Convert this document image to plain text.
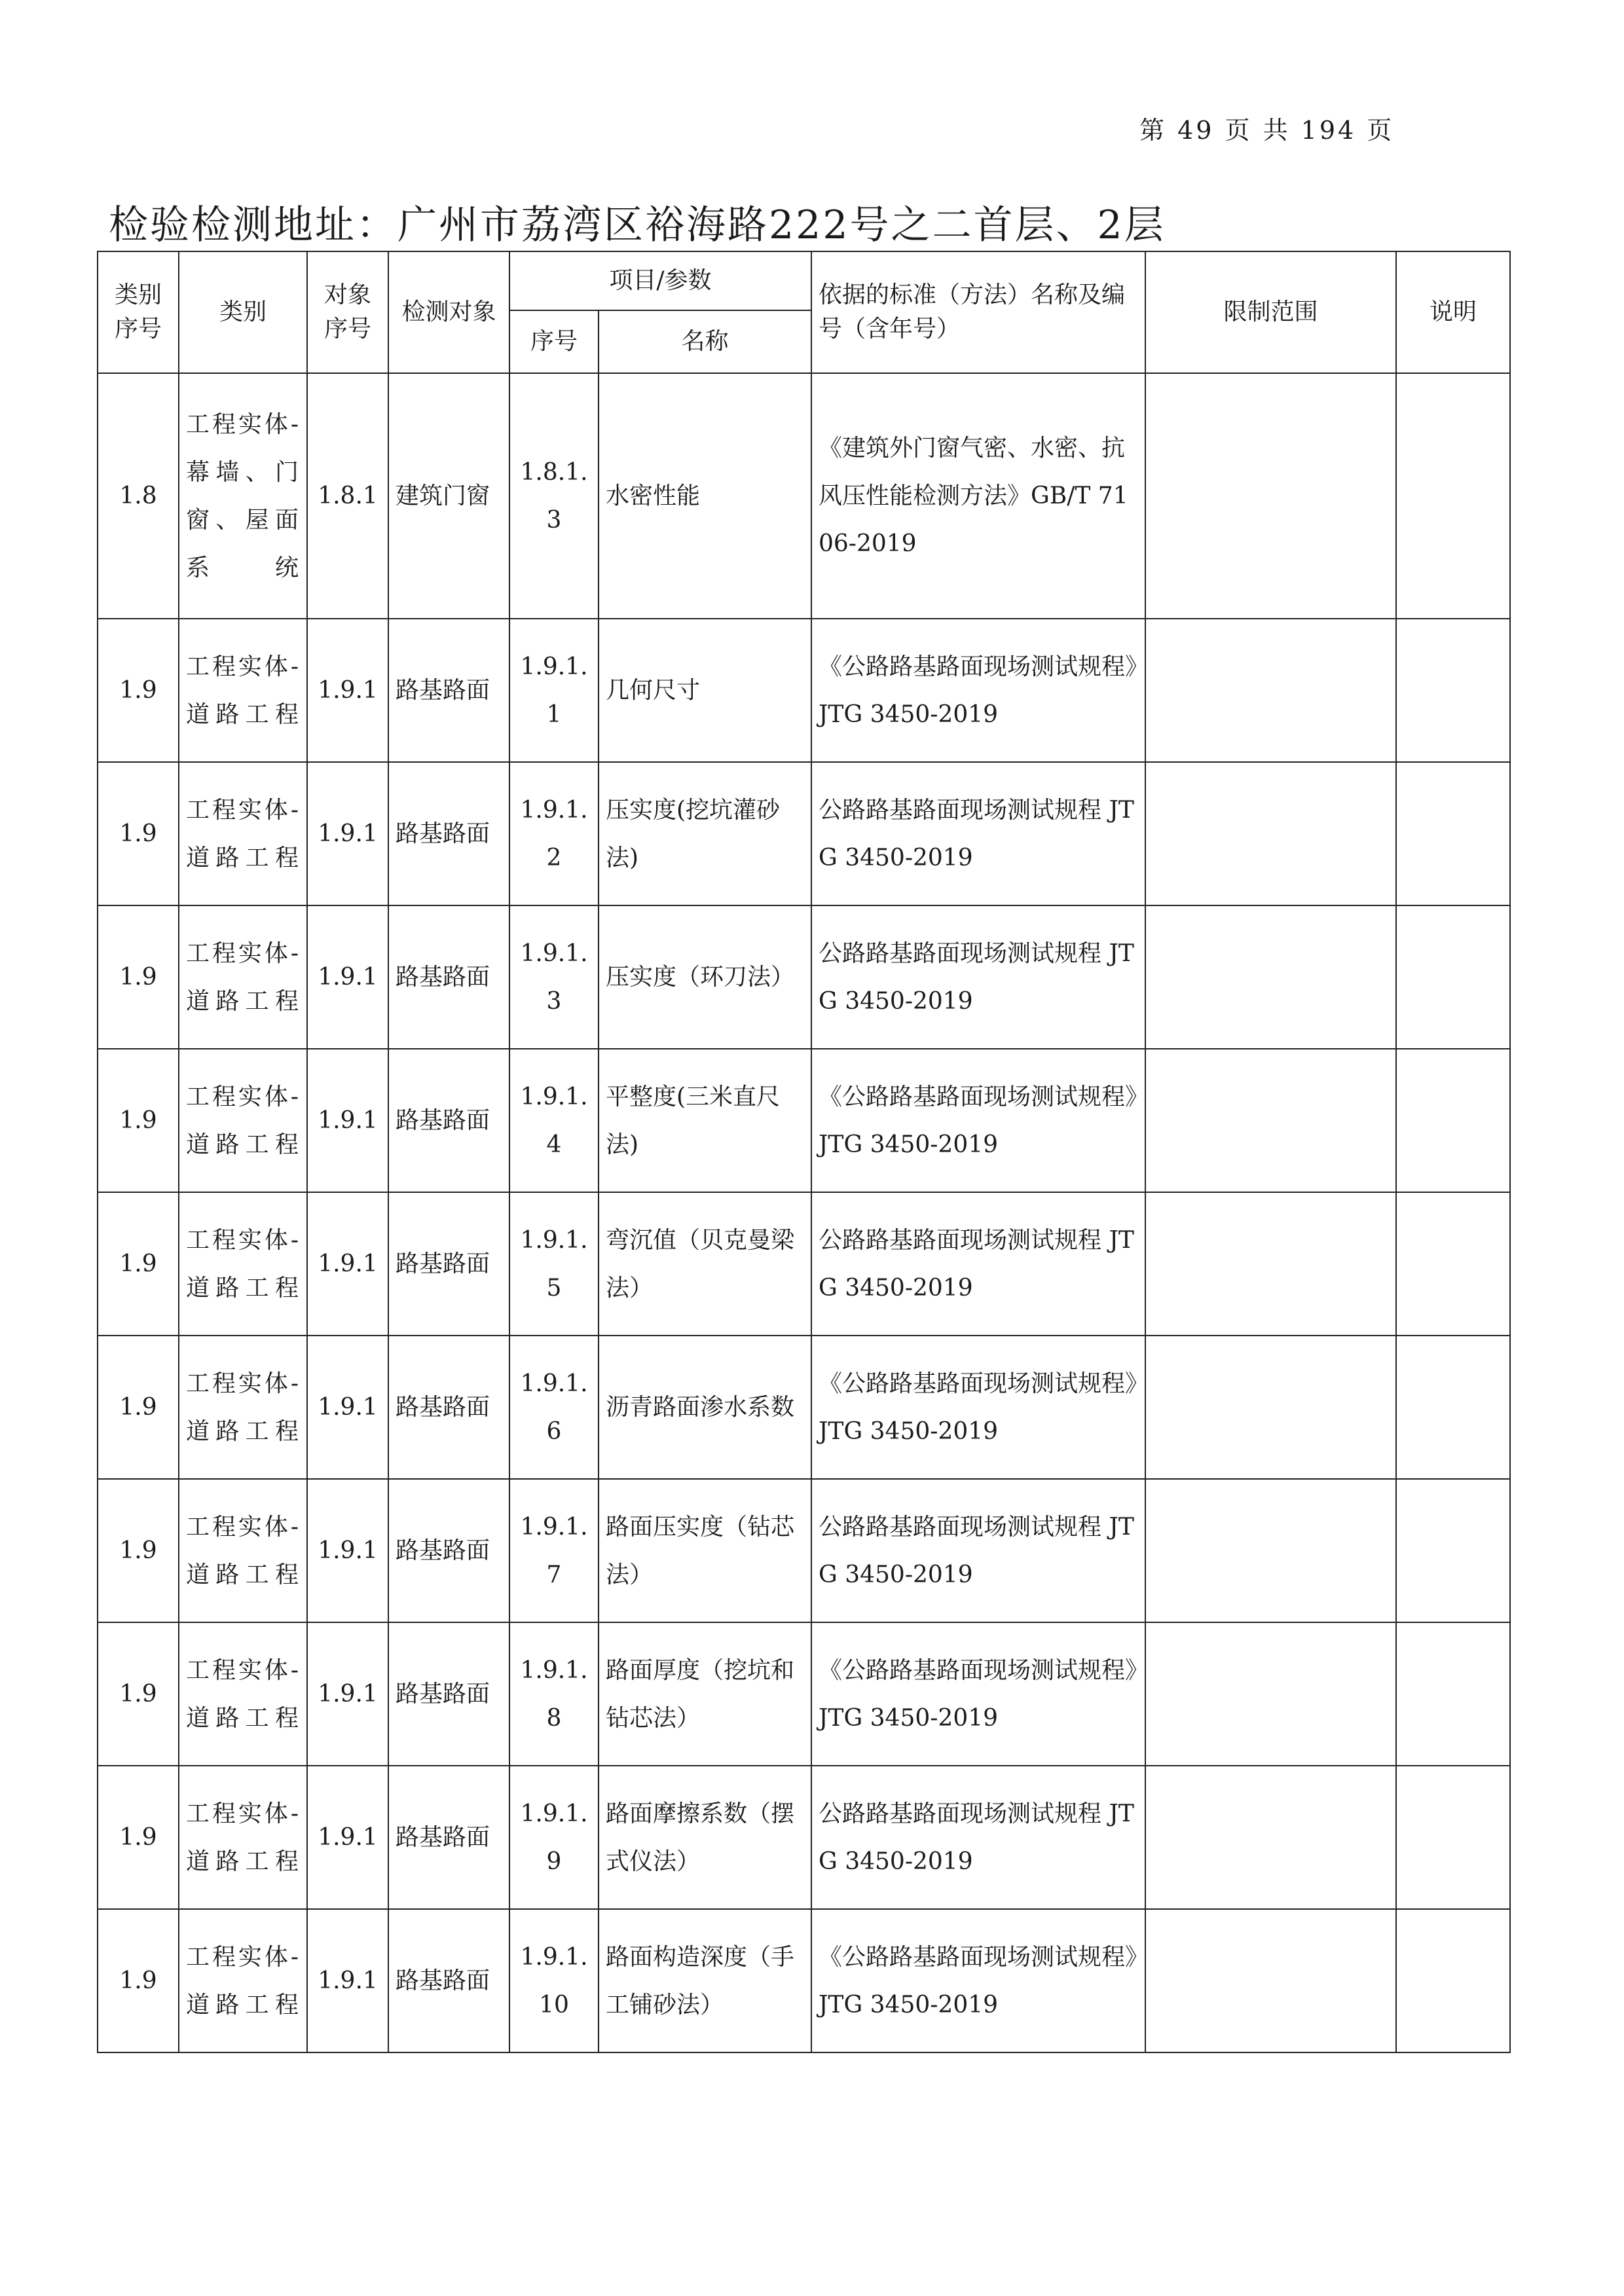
第 49 页 共 194 页
检验检测地址：广州市荔湾区裕海路222号之二首层、2层
类别序号	类别	对象序号	检测对象	项目/参数		依据的标准（方法）名称及编号（含年号）	限制范围	说明
				序号	名称			
1.8	工程实体-幕墙、门窗、屋面系统	1.8.1	建筑门窗	1.8.1.3	水密性能	《建筑外门窗气密、水密、抗风压性能检测方法》GB/T 7106-2019		
1.9	工程实体-道路工程	1.9.1	路基路面	1.9.1.1	几何尺寸	《公路路基路面现场测试规程》JTG 3450-2019		
1.9	工程实体-道路工程	1.9.1	路基路面	1.9.1.2	压实度(挖坑灌砂法)	公路路基路面现场测试规程 JTG 3450-2019		
1.9	工程实体-道路工程	1.9.1	路基路面	1.9.1.3	压实度（环刀法）	公路路基路面现场测试规程 JTG 3450-2019		
1.9	工程实体-道路工程	1.9.1	路基路面	1.9.1.4	平整度(三米直尺法)	《公路路基路面现场测试规程》JTG 3450-2019		
1.9	工程实体-道路工程	1.9.1	路基路面	1.9.1.5	弯沉值（贝克曼梁法）	公路路基路面现场测试规程 JTG 3450-2019		
1.9	工程实体-道路工程	1.9.1	路基路面	1.9.1.6	沥青路面渗水系数	《公路路基路面现场测试规程》JTG 3450-2019		
1.9	工程实体-道路工程	1.9.1	路基路面	1.9.1.7	路面压实度（钻芯法）	公路路基路面现场测试规程 JTG 3450-2019		
1.9	工程实体-道路工程	1.9.1	路基路面	1.9.1.8	路面厚度（挖坑和钻芯法）	《公路路基路面现场测试规程》JTG 3450-2019		
1.9	工程实体-道路工程	1.9.1	路基路面	1.9.1.9	路面摩擦系数（摆式仪法）	公路路基路面现场测试规程 JTG 3450-2019		
1.9	工程实体-道路工程	1.9.1	路基路面	1.9.1.10	路面构造深度（手工铺砂法）	《公路路基路面现场测试规程》JTG 3450-2019		
